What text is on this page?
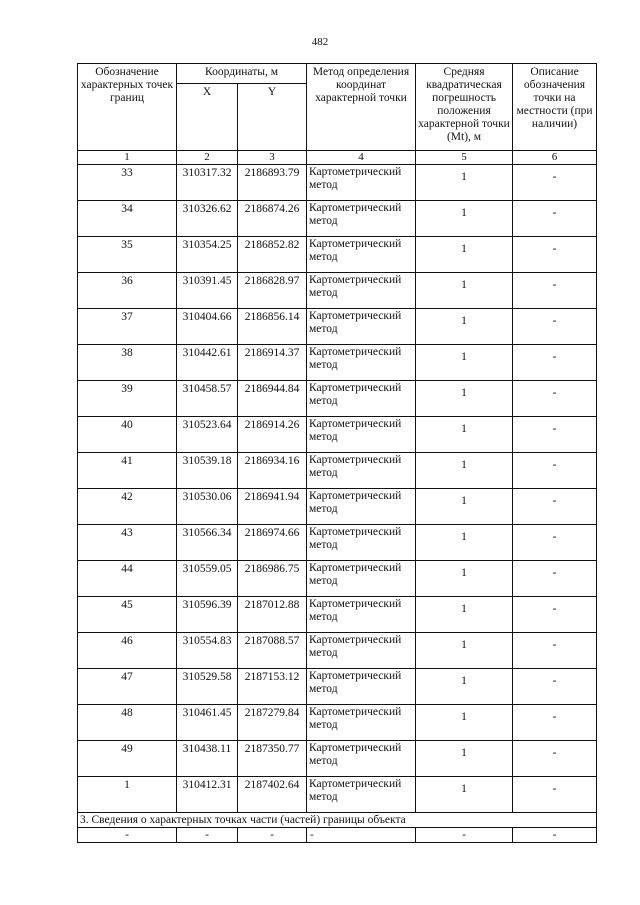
482
Обозначение характерных точек границ	Координаты, м		Метод определения координат характерной точки	Средняя квадратическая погрешность положения характерной точки (Mt), м	Описание обозначения точки на местности (при наличии)
	X	Y			
1	2	3	4	5	6
33	310317.32	2186893.79	Картометрический метод	1	-
34	310326.62	2186874.26	Картометрический метод	1	-
35	310354.25	2186852.82	Картометрический метод	1	-
36	310391.45	2186828.97	Картометрический метод	1	-
37	310404.66	2186856.14	Картометрический метод	1	-
38	310442.61	2186914.37	Картометрический метод	1	-
39	310458.57	2186944.84	Картометрический метод	1	-
40	310523.64	2186914.26	Картометрический метод	1	-
41	310539.18	2186934.16	Картометрический метод	1	-
42	310530.06	2186941.94	Картометрический метод	1	-
43	310566.34	2186974.66	Картометрический метод	1	-
44	310559.05	2186986.75	Картометрический метод	1	-
45	310596.39	2187012.88	Картометрический метод	1	-
46	310554.83	2187088.57	Картометрический метод	1	-
47	310529.58	2187153.12	Картометрический метод	1	-
48	310461.45	2187279.84	Картометрический метод	1	-
49	310438.11	2187350.77	Картометрический метод	1	-
1	310412.31	2187402.64	Картометрический метод	1	-
3. Сведения о характерных точках части (частей) границы объекта					
-	-	-	-	-	-
